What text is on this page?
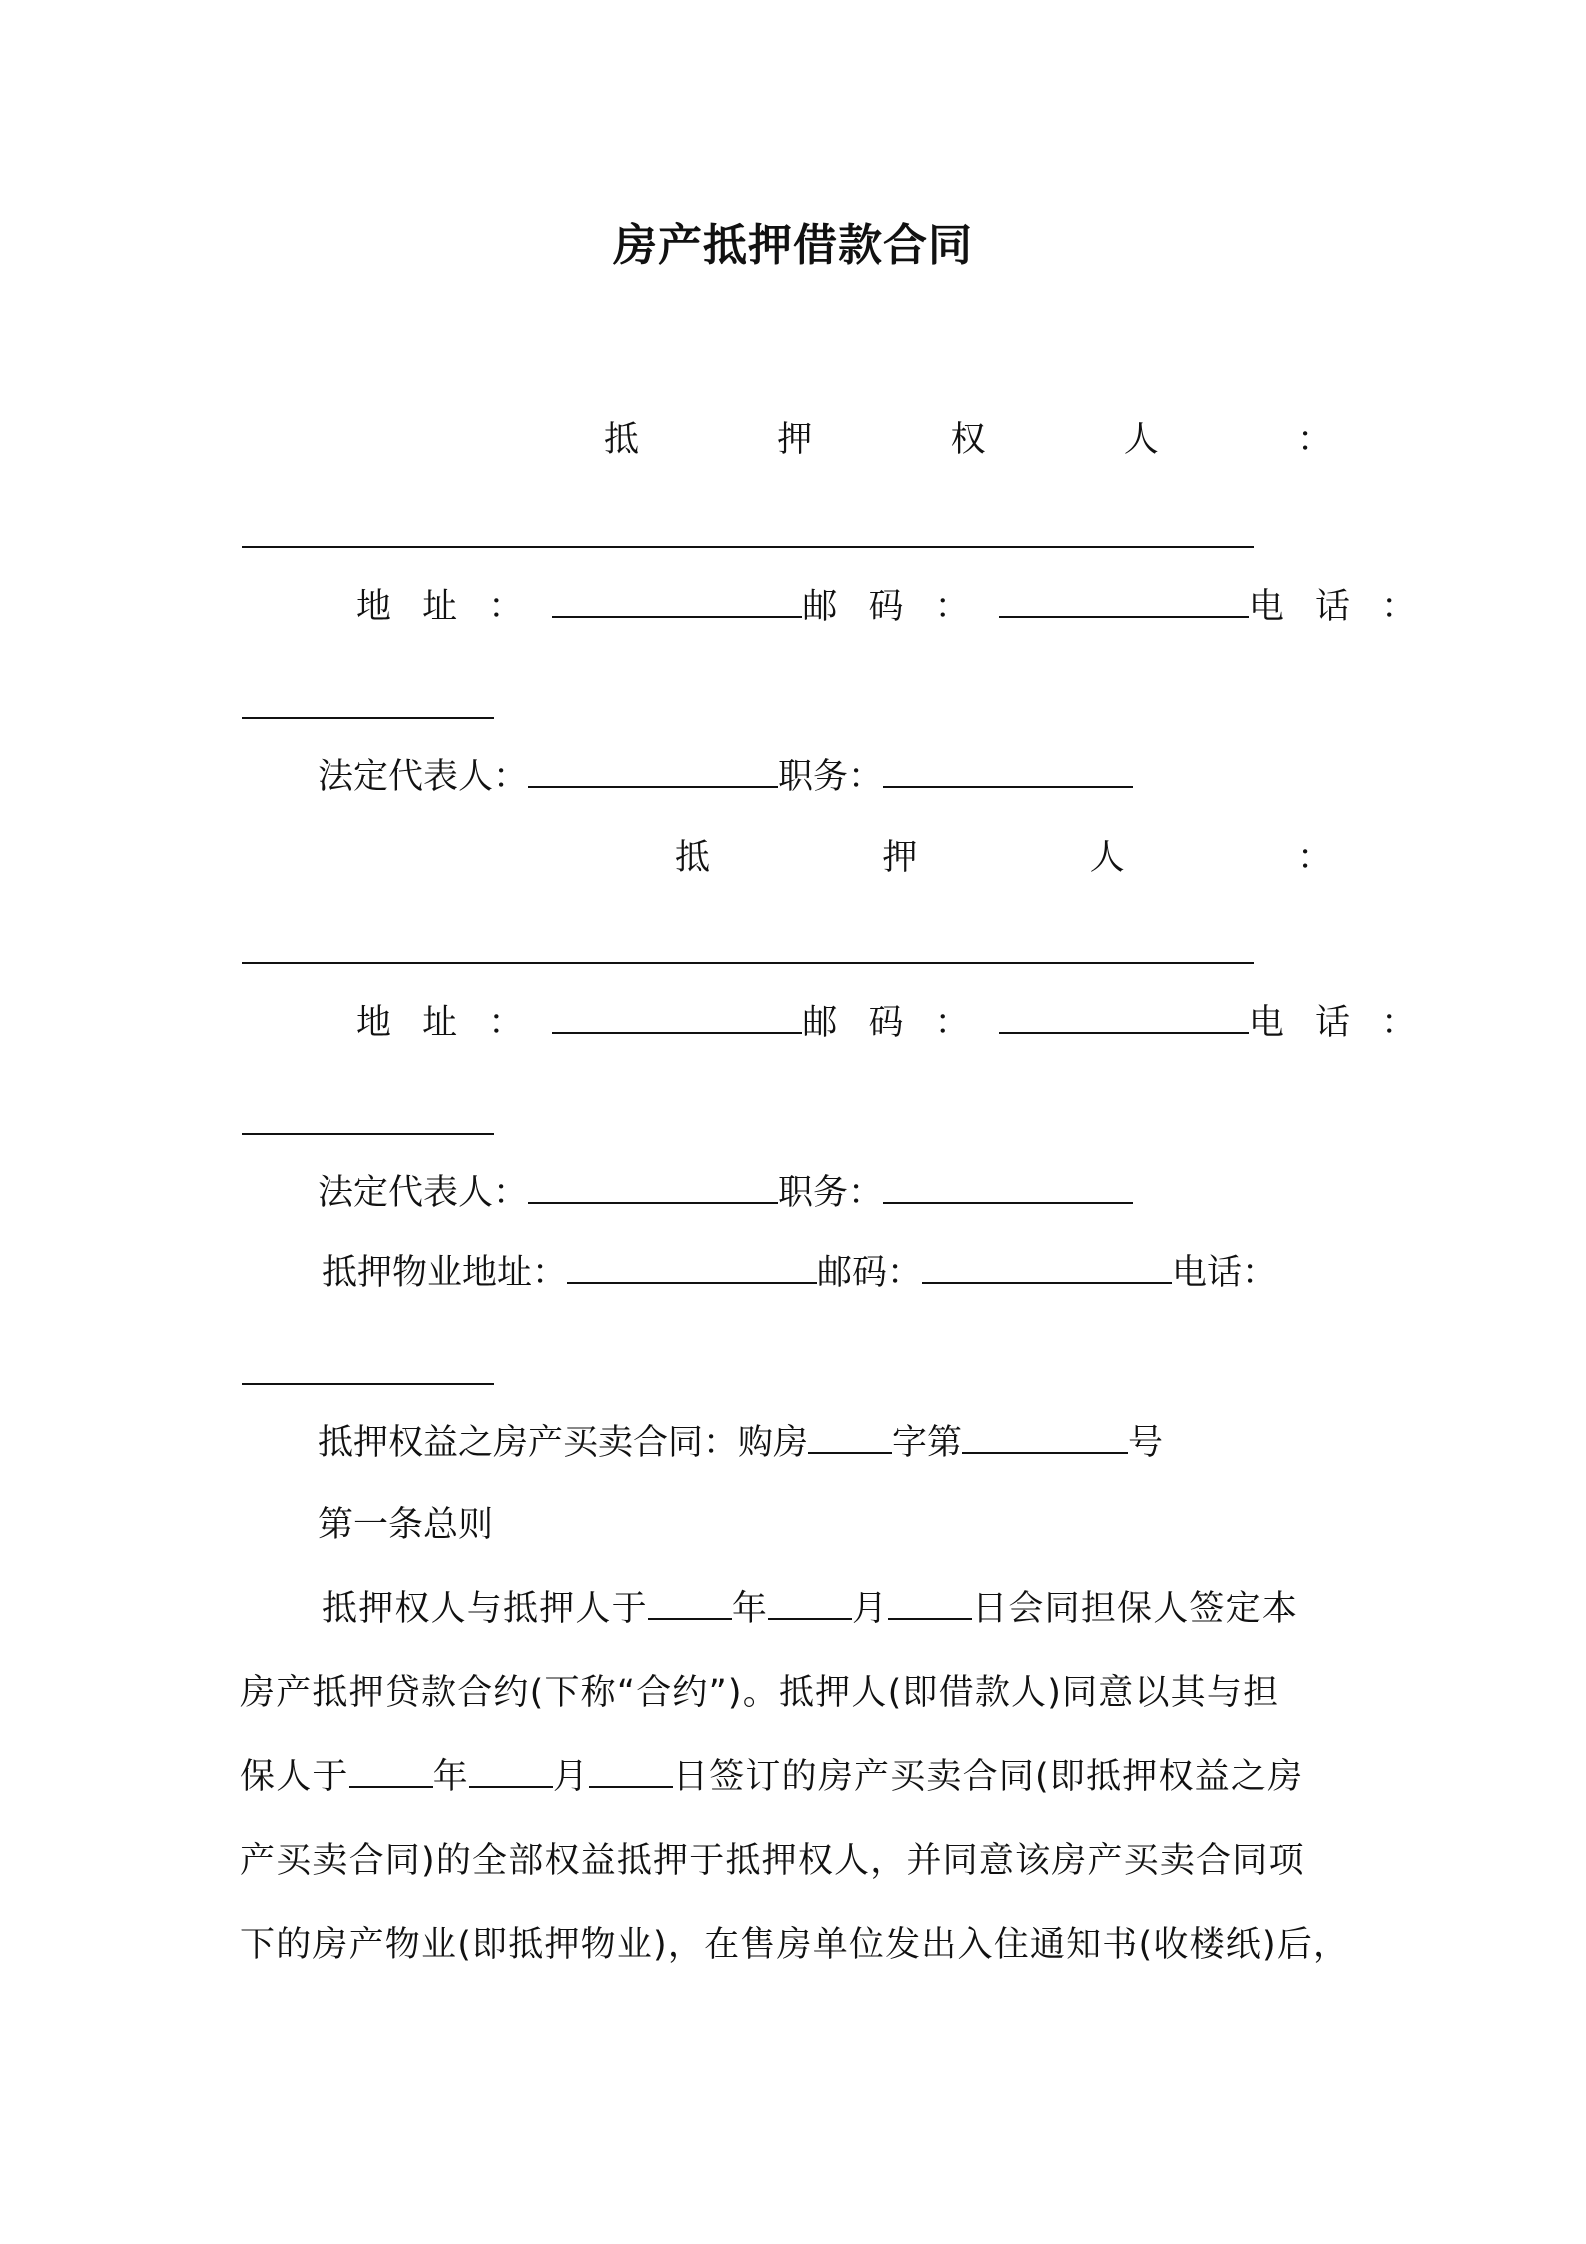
房产抵押借款合同
抵	押	权	人	：
地 址 ：	邮 码 ：	电 话 ：
法定代表人：	职务：
抵	押	人	：
地 址 ：	邮 码 ：	电 话 ：
法定代表人：	职务：
抵押物业地址：	邮码：	电话：
抵押权益之房产买卖合同：购房 字第	号
第一条总则
抵押权人与抵押人于 年 月 日会同担保人签定本
房产抵押贷款合约(下称“合约”)。抵押人(即借款人)同意以其与担
保人于 年 月 日签订的房产买卖合同(即抵押权益之房
产买卖合同)的全部权益抵押于抵押权人，并同意该房产买卖合同项
下的房产物业(即抵押物业)，在售房单位发出入住通知书(收楼纸)后，
